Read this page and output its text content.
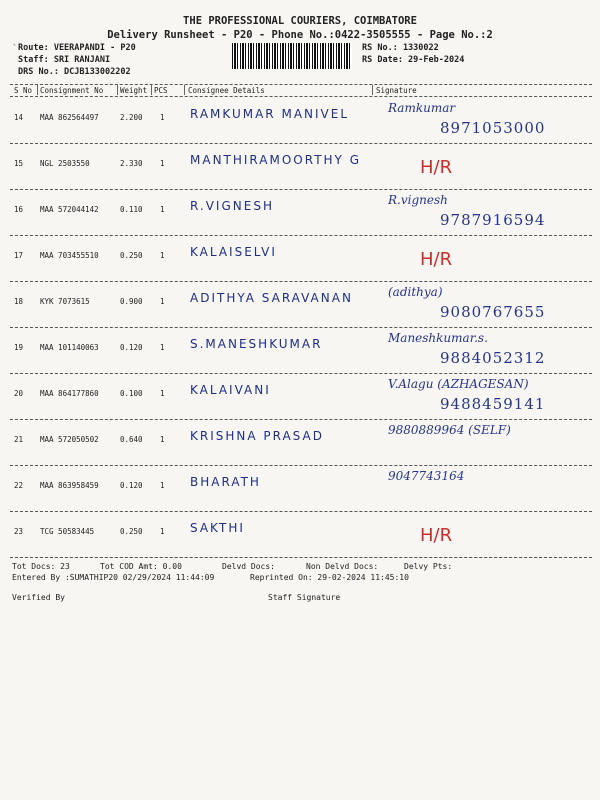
`
THE PROFESSIONAL COURIERS, COIMBATORE
Delivery Runsheet - P20 - Phone No.:0422-3505555 - Page No.:2
Route: VEERAPANDI - P20
Staff: SRI RANJANI
DRS No.: DCJB133002202
RS No.: 1330022
RS Date: 29-Feb-2024
S No Consignment No Weight PCS	Consignee Details	Signature
14 MAA 862564497	2.200 1 RAMKUMAR MANIVEL	Ramkumar
8971053000
15 NGL 2503550	2.330 1 MANTHIRAMOORTHY G	H/R
16 MAA 572044142	0.110 1 R.VIGNESH	R.vignesh
9787916594
17 MAA 703455510	0.250 1 KALAISELVI	H/R
18 KYK 7073615	0.900 1 ADITHYA SARAVANAN	(adithya)
9080767655
19 MAA 101140063	0.120 1 S.MANESHKUMAR	Maneshkumar.s.
9884052312
20 MAA 864177860	0.100 1 KALAIVANI	V.Alagu (AZHAGESAN)
9488459141
21 MAA 572050502	0.640 1 KRISHNA PRASAD	9880889964 (SELF)
22 MAA 863958459	0.120 1 BHARATH	9047743164
23 TCG 50583445	0.250 1 SAKTHI	H/R
Tot Docs: 23	Tot COD Amt: 0.00	Delvd Docs:	Non Delvd Docs:	Delvy Pts:
Entered By :SUMATHIP20 02/29/2024 11:44:09	Reprinted On: 29-02-2024 11:45:10
Verified By	Staff Signature
